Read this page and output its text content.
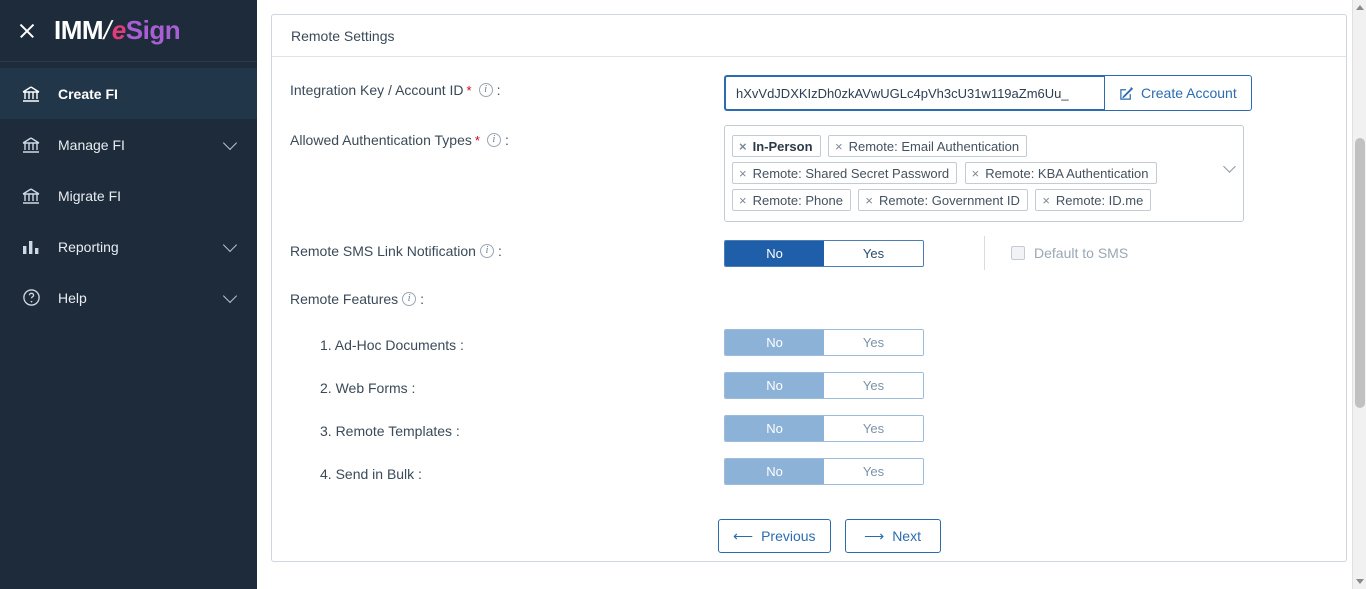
IMM
/
e Sign
Create FI
Manage FI
Migrate FI
Reporting
Help
Remote Settings
Integration Key / Account ID *	i :
hXvVdJDXKIzDh0zkAVwUGLc4pVh3cU31w119aZm6Uu_	Create Account
Allowed Authentication Types *	i :	× In-Person
	× Remote: Email Authentication

× Remote: Shared Secret Password
	× Remote: KBA Authentication

× Remote: Phone
	× Remote: Government ID
	× Remote: ID.me
Remote SMS Link Notification i :	No	Yes	Default to SMS
Remote Features i :
1. Ad-Hoc Documents :	No	Yes
2. Web Forms :	No	Yes
3. Remote Templates :	No	Yes
4. Send in Bulk :	No	Yes
⟵ Previous	⟶ Next
